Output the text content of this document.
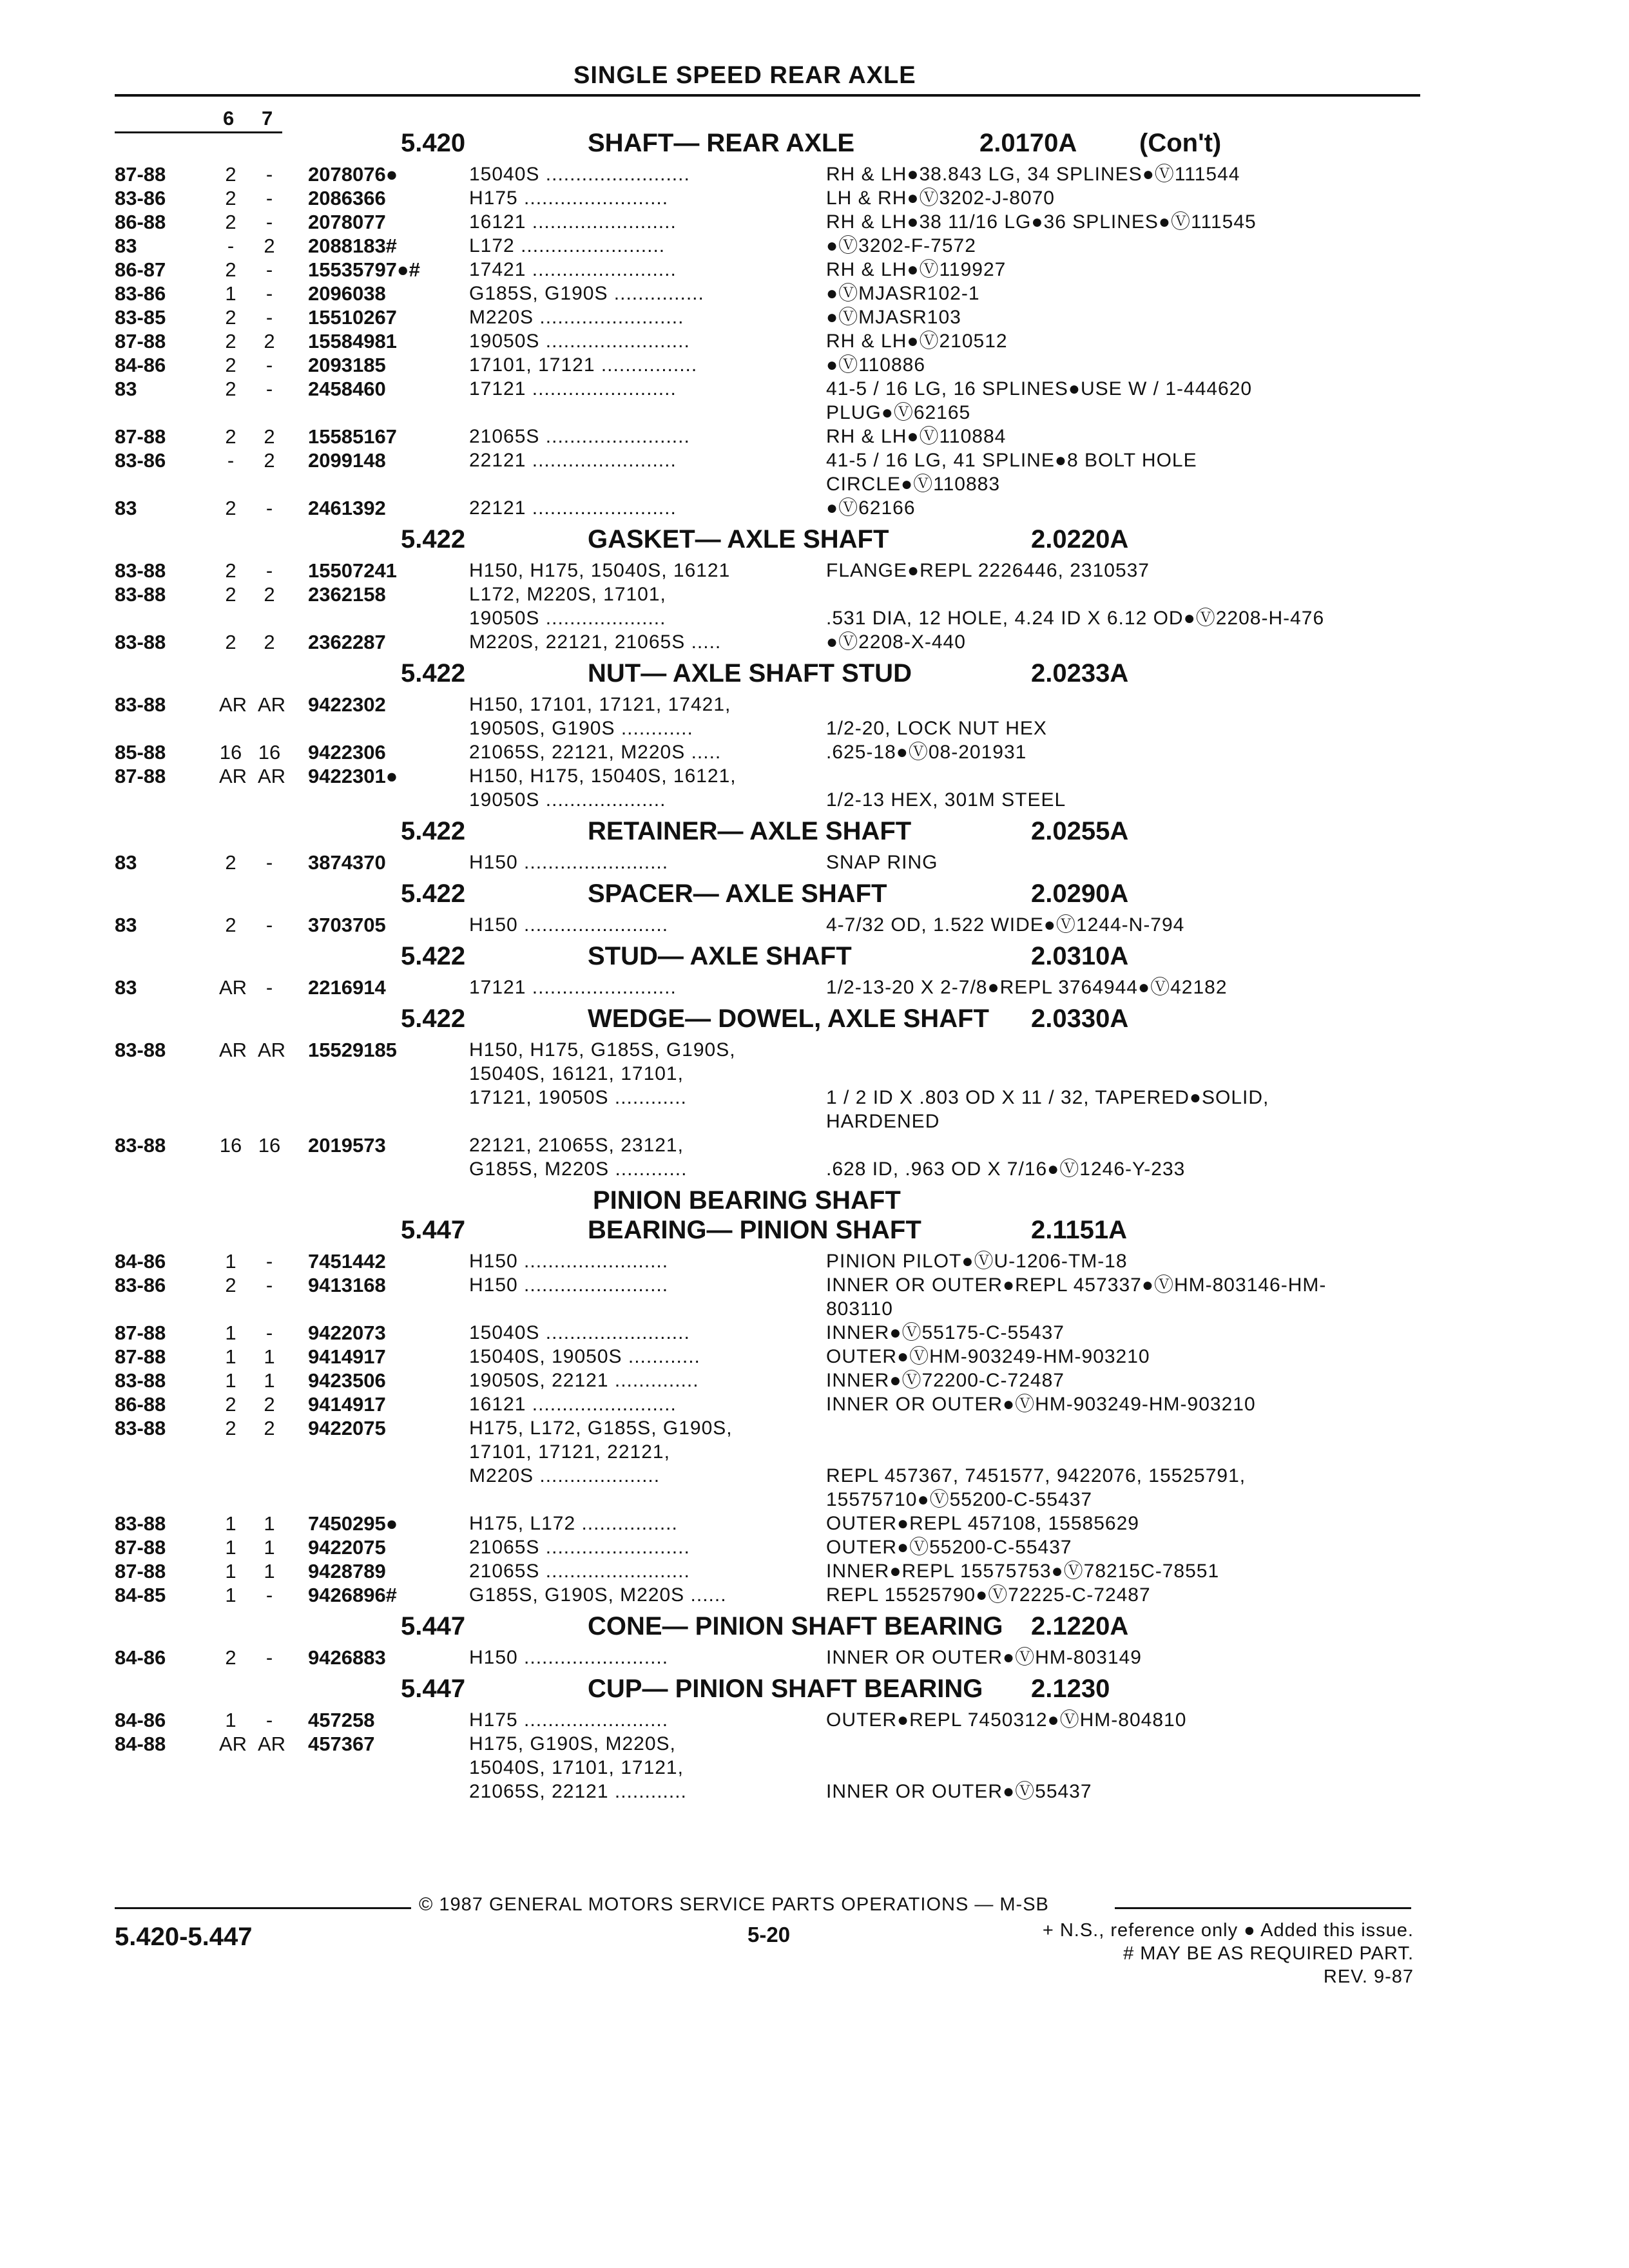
SINGLE SPEED REAR AXLE
6 7
5.420	SHAFT— REAR AXLE	2.0170A (Con't)
87-88	2	-	2078076●	15040S ........................	RH & LH●38.843 LG, 34 SPLINES●Ⓥ111544
83-86	2	-	2086366	H175 ........................	LH & RH●Ⓥ3202-J-8070
86-88	2	-	2078077	16121 ........................	RH & LH●38 11/16 LG●36 SPLINES●Ⓥ111545
83	-	2	2088183#	L172 ........................	●Ⓥ3202-F-7572
86-87	2	-	15535797●#	17421 ........................	RH & LH●Ⓥ119927
83-86	1	-	2096038	G185S, G190S ...............	●ⓋMJASR102-1
83-85	2	-	15510267	M220S ........................	●ⓋMJASR103
87-88	2	2	15584981	19050S ........................	RH & LH●Ⓥ210512
84-86	2	-	2093185	17101, 17121 ................	●Ⓥ110886
83	2	-	2458460	17121 ........................	41-5 / 16 LG, 16 SPLINES●USE W / 1-444620
PLUG●Ⓥ62165
87-88	2	2	15585167	21065S ........................	RH & LH●Ⓥ110884
83-86	-	2	2099148	22121 ........................	41-5 / 16 LG, 41 SPLINE●8 BOLT HOLE
CIRCLE●Ⓥ110883
83	2	-	2461392	22121 ........................	●Ⓥ62166
5.422	GASKET— AXLE SHAFT	2.0220A
83-88	2	-	15507241	H150, H175, 15040S, 16121	FLANGE●REPL 2226446, 2310537
83-88	2	2	2362158	L172, M220S, 17101,
19050S ....................	.531 DIA, 12 HOLE, 4.24 ID X 6.12 OD●Ⓥ2208-H-476
83-88	2	2	2362287	M220S, 22121, 21065S .....	●Ⓥ2208-X-440
5.422	NUT— AXLE SHAFT STUD	2.0233A
83-88	AR AR 9422302	H150, 17101, 17121, 17421,
19050S, G190S ............	1/2-20, LOCK NUT HEX
85-88	16 16 9422306	21065S, 22121, M220S .....	.625-18●Ⓥ08-201931
87-88	AR AR 9422301●	H150, H175, 15040S, 16121,
19050S ....................	1/2-13 HEX, 301M STEEL
5.422	RETAINER— AXLE SHAFT	2.0255A
83	2	-	3874370	H150 ........................	SNAP RING
5.422	SPACER— AXLE SHAFT	2.0290A
83	2	-	3703705	H150 ........................	4-7/32 OD, 1.522 WIDE●Ⓥ1244-N-794
5.422	STUD— AXLE SHAFT	2.0310A
83	AR -	2216914	17121 ........................	1/2-13-20 X 2-7/8●REPL 3764944●Ⓥ42182
5.422	WEDGE— DOWEL, AXLE SHAFT 2.0330A
83-88	AR AR 15529185	H150, H175, G185S, G190S,
15040S, 16121, 17101,
17121, 19050S ............	1 / 2 ID X .803 OD X 11 / 32, TAPERED●SOLID,
HARDENED
83-88	16 16 2019573	22121, 21065S, 23121,
G185S, M220S ............	.628 ID, .963 OD X 7/16●Ⓥ1246-Y-233
PINION BEARING SHAFT
5.447	BEARING— PINION SHAFT	2.1151A
84-86	1	-	7451442	H150 ........................	PINION PILOT●ⓋU-1206-TM-18
83-86	2	-	9413168	H150 ........................	INNER OR OUTER●REPL 457337●ⓋHM-803146-HM-
803110
87-88	1	-	9422073	15040S ........................	INNER●Ⓥ55175-C-55437
87-88	1	1	9414917	15040S, 19050S ............	OUTER●ⓋHM-903249-HM-903210
83-88	1	1	9423506	19050S, 22121 ..............	INNER●Ⓥ72200-C-72487
86-88	2	2	9414917	16121 ........................	INNER OR OUTER●ⓋHM-903249-HM-903210
83-88	2	2	9422075	H175, L172, G185S, G190S,
17101, 17121, 22121,
M220S ....................	REPL 457367, 7451577, 9422076, 15525791,
15575710●Ⓥ55200-C-55437
83-88	1	1	7450295●	H175, L172 ................	OUTER●REPL 457108, 15585629
87-88	1	1	9422075	21065S ........................	OUTER●Ⓥ55200-C-55437
87-88	1	1	9428789	21065S ........................	INNER●REPL 15575753●Ⓥ78215C-78551
84-85	1	-	9426896#	G185S, G190S, M220S ......	REPL 15525790●Ⓥ72225-C-72487
5.447	CONE— PINION SHAFT BEARING 2.1220A
84-86	2	-	9426883	H150 ........................	INNER OR OUTER●ⓋHM-803149
5.447	CUP— PINION SHAFT BEARING 2.1230
84-86	1	-	457258	H175 ........................	OUTER●REPL 7450312●ⓋHM-804810
84-88	AR AR 457367	H175, G190S, M220S,
15040S, 17101, 17121,
21065S, 22121 ............	INNER OR OUTER●Ⓥ55437
© 1987 GENERAL MOTORS SERVICE PARTS OPERATIONS — M-SB
5.420-5.447	5-20	+ N.S., reference only ● Added this issue.
# MAY BE AS REQUIRED PART.
REV. 9-87
